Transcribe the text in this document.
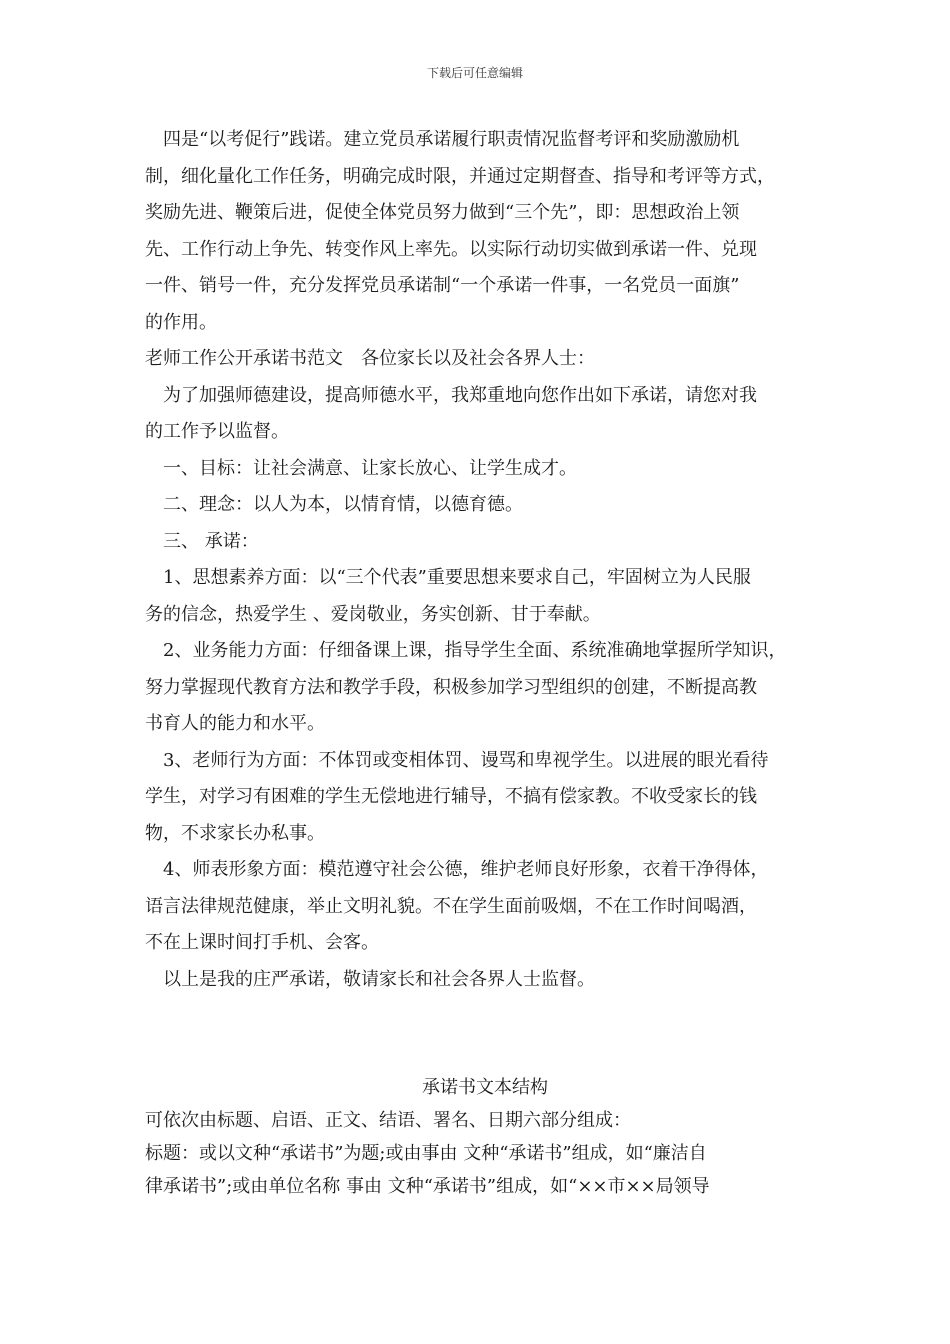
下载后可任意编辑
　四是“以考促行”践诺。建立党员承诺履行职责情况监督考评和奖励激励机
制，细化量化工作任务，明确完成时限，并通过定期督查、指导和考评等方式，
奖励先进、鞭策后进，促使全体党员努力做到“三个先”，即：思想政治上领
先、工作行动上争先、转变作风上率先。以实际行动切实做到承诺一件、兑现
一件、销号一件，充分发挥党员承诺制“一个承诺一件事，一名党员一面旗”
的作用。
老师工作公开承诺书范文　各位家长以及社会各界人士：
　为了加强师德建设，提高师德水平，我郑重地向您作出如下承诺，请您对我
的工作予以监督。
　一、目标：让社会满意、让家长放心、让学生成才。
　二、理念：以人为本，以情育情，以德育德。
　三、 承诺：
　1、思想素养方面：以“三个代表”重要思想来要求自己，牢固树立为人民服
务的信念，热爱学生 、爱岗敬业，务实创新、甘于奉献。
　2、业务能力方面：仔细备课上课，指导学生全面、系统准确地掌握所学知识，
努力掌握现代教育方法和教学手段，积极参加学习型组织的创建，不断提高教
书育人的能力和水平。
　3、老师行为方面：不体罚或变相体罚、谩骂和卑视学生。以进展的眼光看待
学生，对学习有困难的学生无偿地进行辅导，不搞有偿家教。不收受家长的钱
物，不求家长办私事。
　4、师表形象方面：模范遵守社会公德，维护老师良好形象，衣着干净得体，
语言法律规范健康，举止文明礼貌。不在学生面前吸烟，不在工作时间喝酒，
不在上课时间打手机、会客。
　以上是我的庄严承诺，敬请家长和社会各界人士监督。
承诺书文本结构
可依次由标题、启语、正文、结语、署名、日期六部分组成：
标题：或以文种“承诺书”为题;或由事由 文种“承诺书”组成，如“廉洁自
律承诺书”;或由单位名称 事由 文种“承诺书”组成，如“××市××局领导
